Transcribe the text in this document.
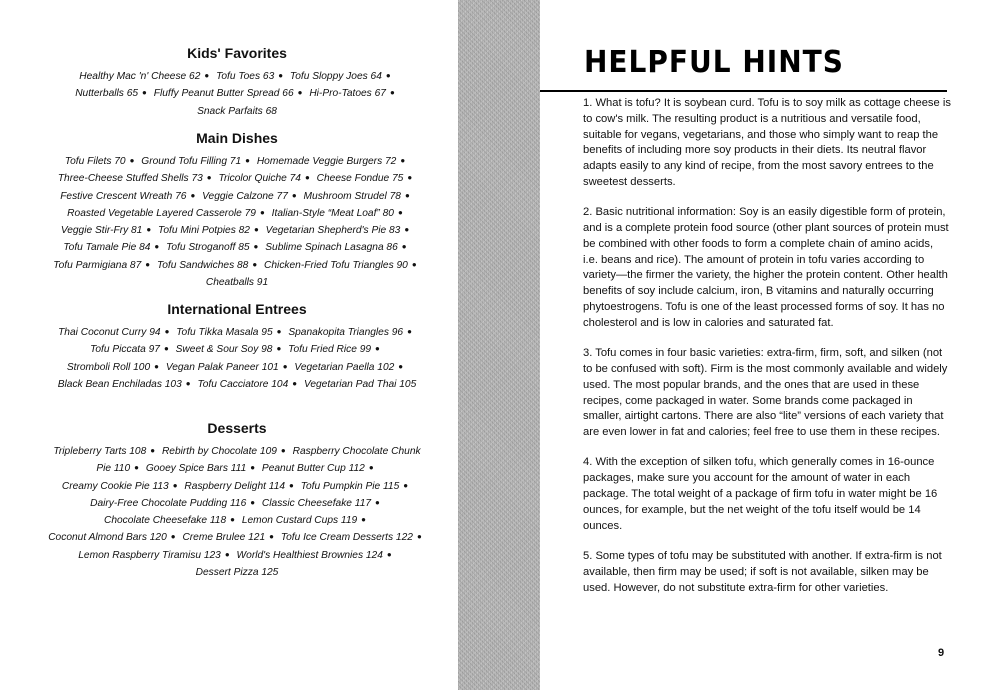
Kids' Favorites

Healthy Mac 'n' Cheese 62 ● Tofu Toes 63 ● Tofu Sloppy Joes 64 ● Nutterballs 65 ● Fluffy Peanut Butter Spread 66 ● Hi-Pro-Tatoes 67 ● Snack Parfaits 68

Main Dishes

Tofu Filets 70 ● Ground Tofu Filling 71 ● Homemade Veggie Burgers 72 ● Three-Cheese Stuffed Shells 73 ● Tricolor Quiche 74 ● Cheese Fondue 75 ● Festive Crescent Wreath 76 ● Veggie Calzone 77 ● Mushroom Strudel 78 ● Roasted Vegetable Layered Casserole 79 ● Italian-Style “Meat Loaf” 80 ● Veggie Stir-Fry 81 ● Tofu Mini Potpies 82 ● Vegetarian Shepherd's Pie 83 ● Tofu Tamale Pie 84 ● Tofu Stroganoff 85 ● Sublime Spinach Lasagna 86 ● Tofu Parmigiana 87 ● Tofu Sandwiches 88 ● Chicken-Fried Tofu Triangles 90 ● Cheatballs 91

International Entrees

Thai Coconut Curry 94 ● Tofu Tikka Masala 95 ● Spanakopita Triangles 96 ● Tofu Piccata 97 ● Sweet & Sour Soy 98 ● Tofu Fried Rice 99 ● Stromboli Roll 100 ● Vegan Palak Paneer 101 ● Vegetarian Paella 102 ● Black Bean Enchiladas 103 ● Tofu Cacciatore 104 ● Vegetarian Pad Thai 105

Desserts

Tripleberry Tarts 108 ● Rebirth by Chocolate 109 ● Raspberry Chocolate Chunk Pie 110 ● Gooey Spice Bars 111 ● Peanut Butter Cup 112 ● Creamy Cookie Pie 113 ● Raspberry Delight 114 ● Tofu Pumpkin Pie 115 ● Dairy-Free Chocolate Pudding 116 ● Classic Cheesefake 117 ● Chocolate Cheesefake 118 ● Lemon Custard Cups 119 ● Coconut Almond Bars 120 ● Creme Brulee 121 ● Tofu Ice Cream Desserts 122 ● Lemon Raspberry Tiramisu 123 ● World's Healthiest Brownies 124 ● Dessert Pizza 125

HELPFUL HINTS

1. What is tofu? It is soybean curd. Tofu is to soy milk as cottage cheese is to cow's milk. The resulting product is a nutritious and versatile food, suitable for vegans, vegetarians, and those who simply want to reap the benefits of including more soy products in their diets. Its neutral flavor adapts easily to any kind of recipe, from the most savory entrees to the sweetest desserts.

2. Basic nutritional information: Soy is an easily digestible form of protein, and is a complete protein food source (other plant sources of protein must be combined with other foods to form a complete chain of amino acids, i.e. beans and rice). The amount of protein in tofu varies according to variety—the firmer the variety, the higher the protein content. Other health benefits of soy include calcium, iron, B vitamins and naturally occurring phytoestrogens. Tofu is one of the least processed forms of soy. It has no cholesterol and is low in calories and saturated fat.

3. Tofu comes in four basic varieties: extra-firm, firm, soft, and silken (not to be confused with soft). Firm is the most commonly available and widely used. The most popular brands, and the ones that are used in these recipes, come packaged in water. Some brands come packaged in smaller, airtight cartons. There are also “lite” versions of each variety that are even lower in fat and calories; feel free to use them in these recipes.

4. With the exception of silken tofu, which generally comes in 16-ounce packages, make sure you account for the amount of water in each package. The total weight of a package of firm tofu in water might be 16 ounces, for example, but the net weight of the tofu itself would be 14 ounces.

5. Some types of tofu may be substituted with another. If extra-firm is not available, then firm may be used; if soft is not available, silken may be used. However, do not substitute extra-firm for other varieties.

9
